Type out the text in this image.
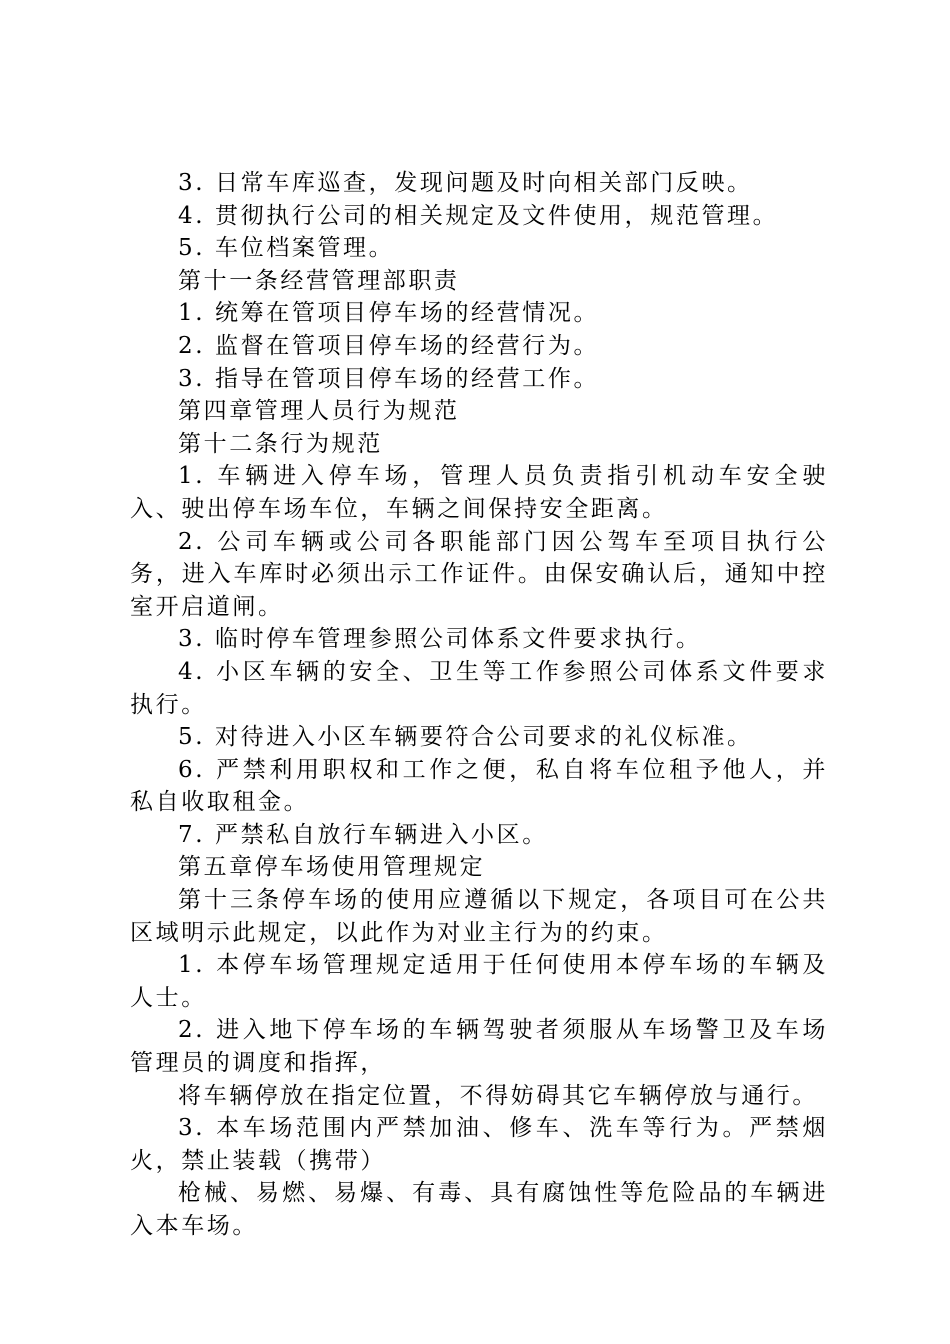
3. 日常车库巡查，发现问题及时向相关部门反映。

4. 贯彻执行公司的相关规定及文件使用，规范管理。

5. 车位档案管理。

第十一条经营管理部职责

1. 统筹在管项目停车场的经营情况。

2. 监督在管项目停车场的经营行为。

3. 指导在管项目停车场的经营工作。

第四章管理人员行为规范

第十二条行为规范

1. 车辆进入停车场，管理人员负责指引机动车安全驶入、驶出停车场车位，车辆之间保持安全距离。

2. 公司车辆或公司各职能部门因公驾车至项目执行公务，进入车库时必须出示工作证件。由保安确认后，通知中控室开启道闸。

3. 临时停车管理参照公司体系文件要求执行。

4. 小区车辆的安全、卫生等工作参照公司体系文件要求执行。

5. 对待进入小区车辆要符合公司要求的礼仪标准。

6. 严禁利用职权和工作之便，私自将车位租予他人，并私自收取租金。

7. 严禁私自放行车辆进入小区。

第五章停车场使用管理规定

第十三条停车场的使用应遵循以下规定，各项目可在公共区域明示此规定，以此作为对业主行为的约束。

1. 本停车场管理规定适用于任何使用本停车场的车辆及人士。

2. 进入地下停车场的车辆驾驶者须服从车场警卫及车场管理员的调度和指挥，

将车辆停放在指定位置，不得妨碍其它车辆停放与通行。

3. 本车场范围内严禁加油、修车、洗车等行为。严禁烟火，禁止装载（携带）

枪械、易燃、易爆、有毒、具有腐蚀性等危险品的车辆进入本车场。
